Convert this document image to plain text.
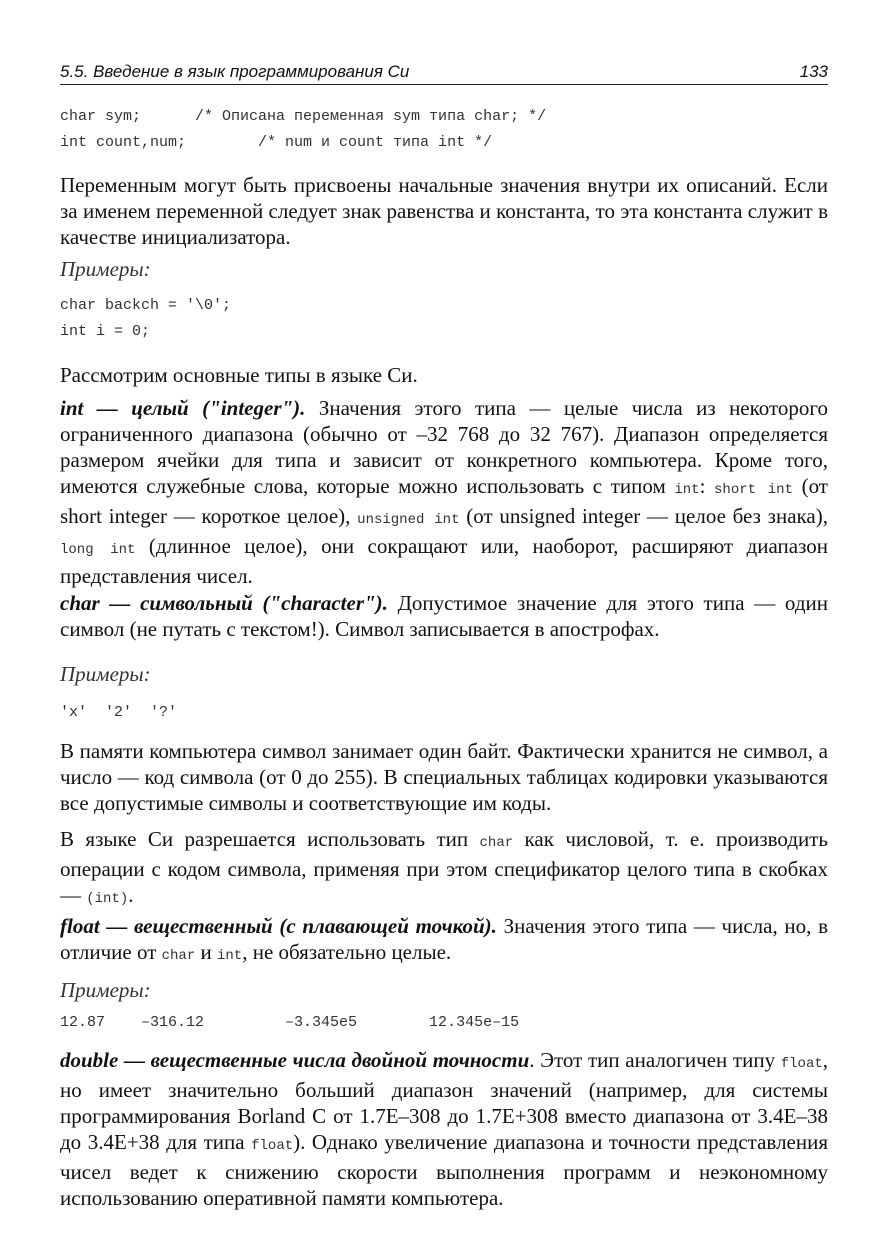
5.5. Введение в язык программирования Си	133
char sym;      /* Описана переменная sym типа char; */
int count,num;        /* num и count типа int */

Переменным могут быть присвоены начальные значения внутри их описаний. Если за именем переменной следует знак равенства и константа, то эта константа служит в качестве инициализатора.

Примеры:

char backch = '\0';
int i = 0;

Рассмотрим основные типы в языке Си.

int — целый ("integer"). Значения этого типа — целые числа из некоторого ограниченного диапазона (обычно от –32 768 до 32 767). Диапазон определяется размером ячейки для типа и зависит от конкретного компьютера. Кроме того, имеются служебные слова, которые можно использовать с типом int: short int (от short integer — короткое целое), unsigned int (от unsigned integer — целое без знака), long int (длинное целое), они сокращают или, наоборот, расширяют диапазон представления чисел.

char — символьный ("character"). Допустимое значение для этого типа — один символ (не путать с текстом!). Символ записывается в апострофах.

Примеры:

'x'  '2'  '?'

В памяти компьютера символ занимает один байт. Фактически хранится не символ, а число — код символа (от 0 до 255). В специальных таблицах кодировки указываются все допустимые символы и соответствующие им коды.

В языке Си разрешается использовать тип char как числовой, т. е. производить операции с кодом символа, применяя при этом спецификатор целого типа в скобках — (int).

float — вещественный (с плавающей точкой). Значения этого типа — числа, но, в отличие от char и int, не обязательно целые.

Примеры:

12.87    –316.12         –3.345e5        12.345e–15

double — вещественные числа двойной точности. Этот тип аналогичен типу float, но имеет значительно больший диапазон значений (например, для системы программирования Borland C от 1.7E–308 до 1.7E+308 вместо диапазона от 3.4E–38 до 3.4E+38 для типа float). Однако увеличение диапазона и точности представления чисел ведет к снижению скорости выполнения программ и неэкономному использованию оперативной памяти компьютера.
